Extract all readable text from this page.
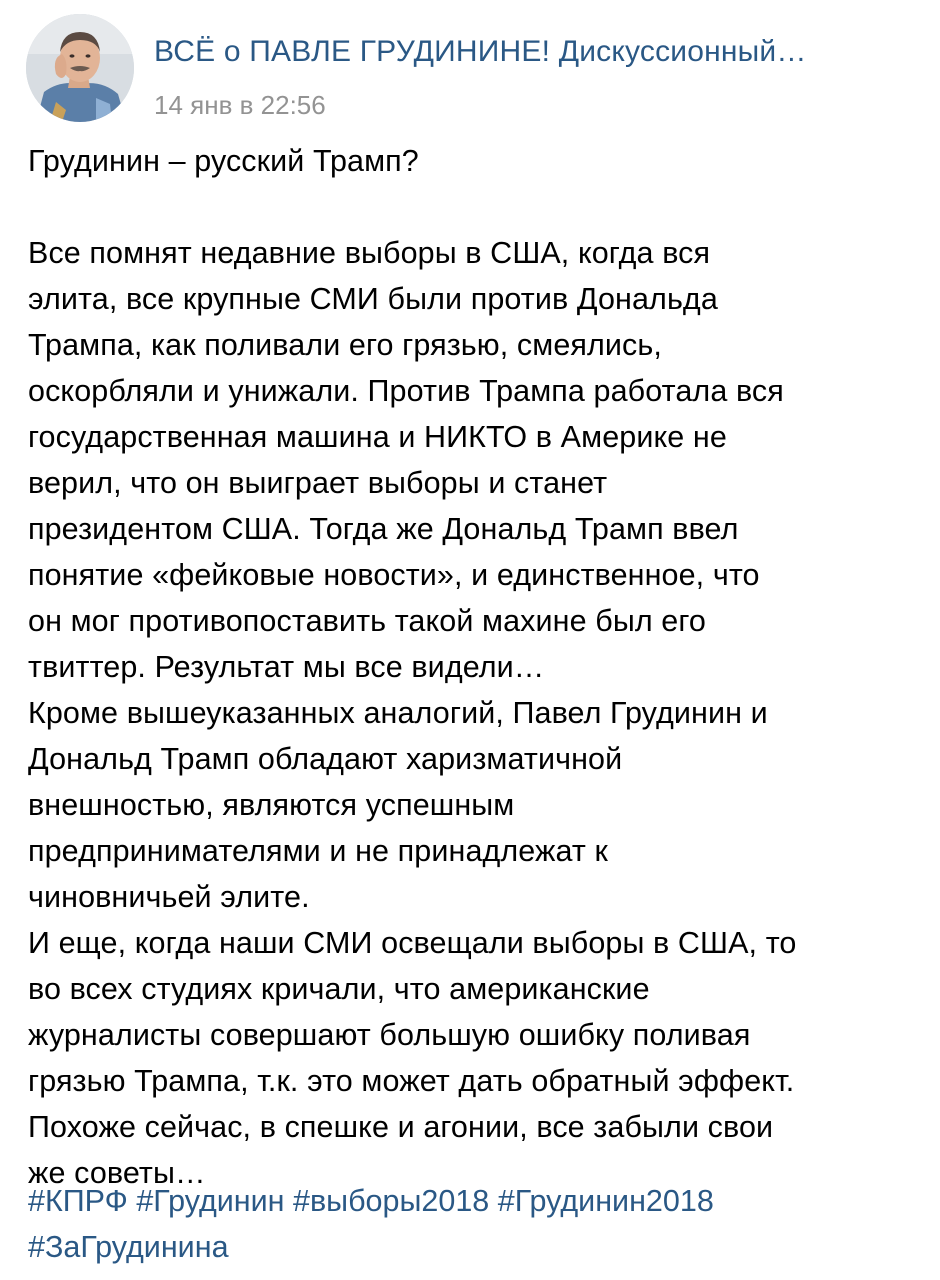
ВСЁ о ПАВЛЕ ГРУДИНИНЕ! Дискуссионный…
14 янв в 22:56
Грудинин – русский Трамп?
Все помнят недавние выборы в США, когда вся
элита, все крупные СМИ были против Дональда
Трампа, как поливали его грязью, смеялись,
оскорбляли и унижали. Против Трампа работала вся
государственная машина и НИКТО в Америке не
верил, что он выиграет выборы и станет
президентом США. Тогда же Дональд Трамп ввел
понятие «фейковые новости», и единственное, что
он мог противопоставить такой махине был его
твиттер. Результат мы все видели…
Кроме вышеуказанных аналогий, Павел Грудинин и
Дональд Трамп обладают харизматичной
внешностью, являются успешным
предпринимателями и не принадлежат к
чиновничьей элите.
И еще, когда наши СМИ освещали выборы в США, то
во всех студиях кричали, что американские
журналисты совершают большую ошибку поливая
грязью Трампа, т.к. это может дать обратный эффект.
Похоже сейчас, в спешке и агонии, все забыли свои
же советы…
#КПРФ #Грудинин #выборы2018 #Грудинин2018
#ЗаГрудинина
